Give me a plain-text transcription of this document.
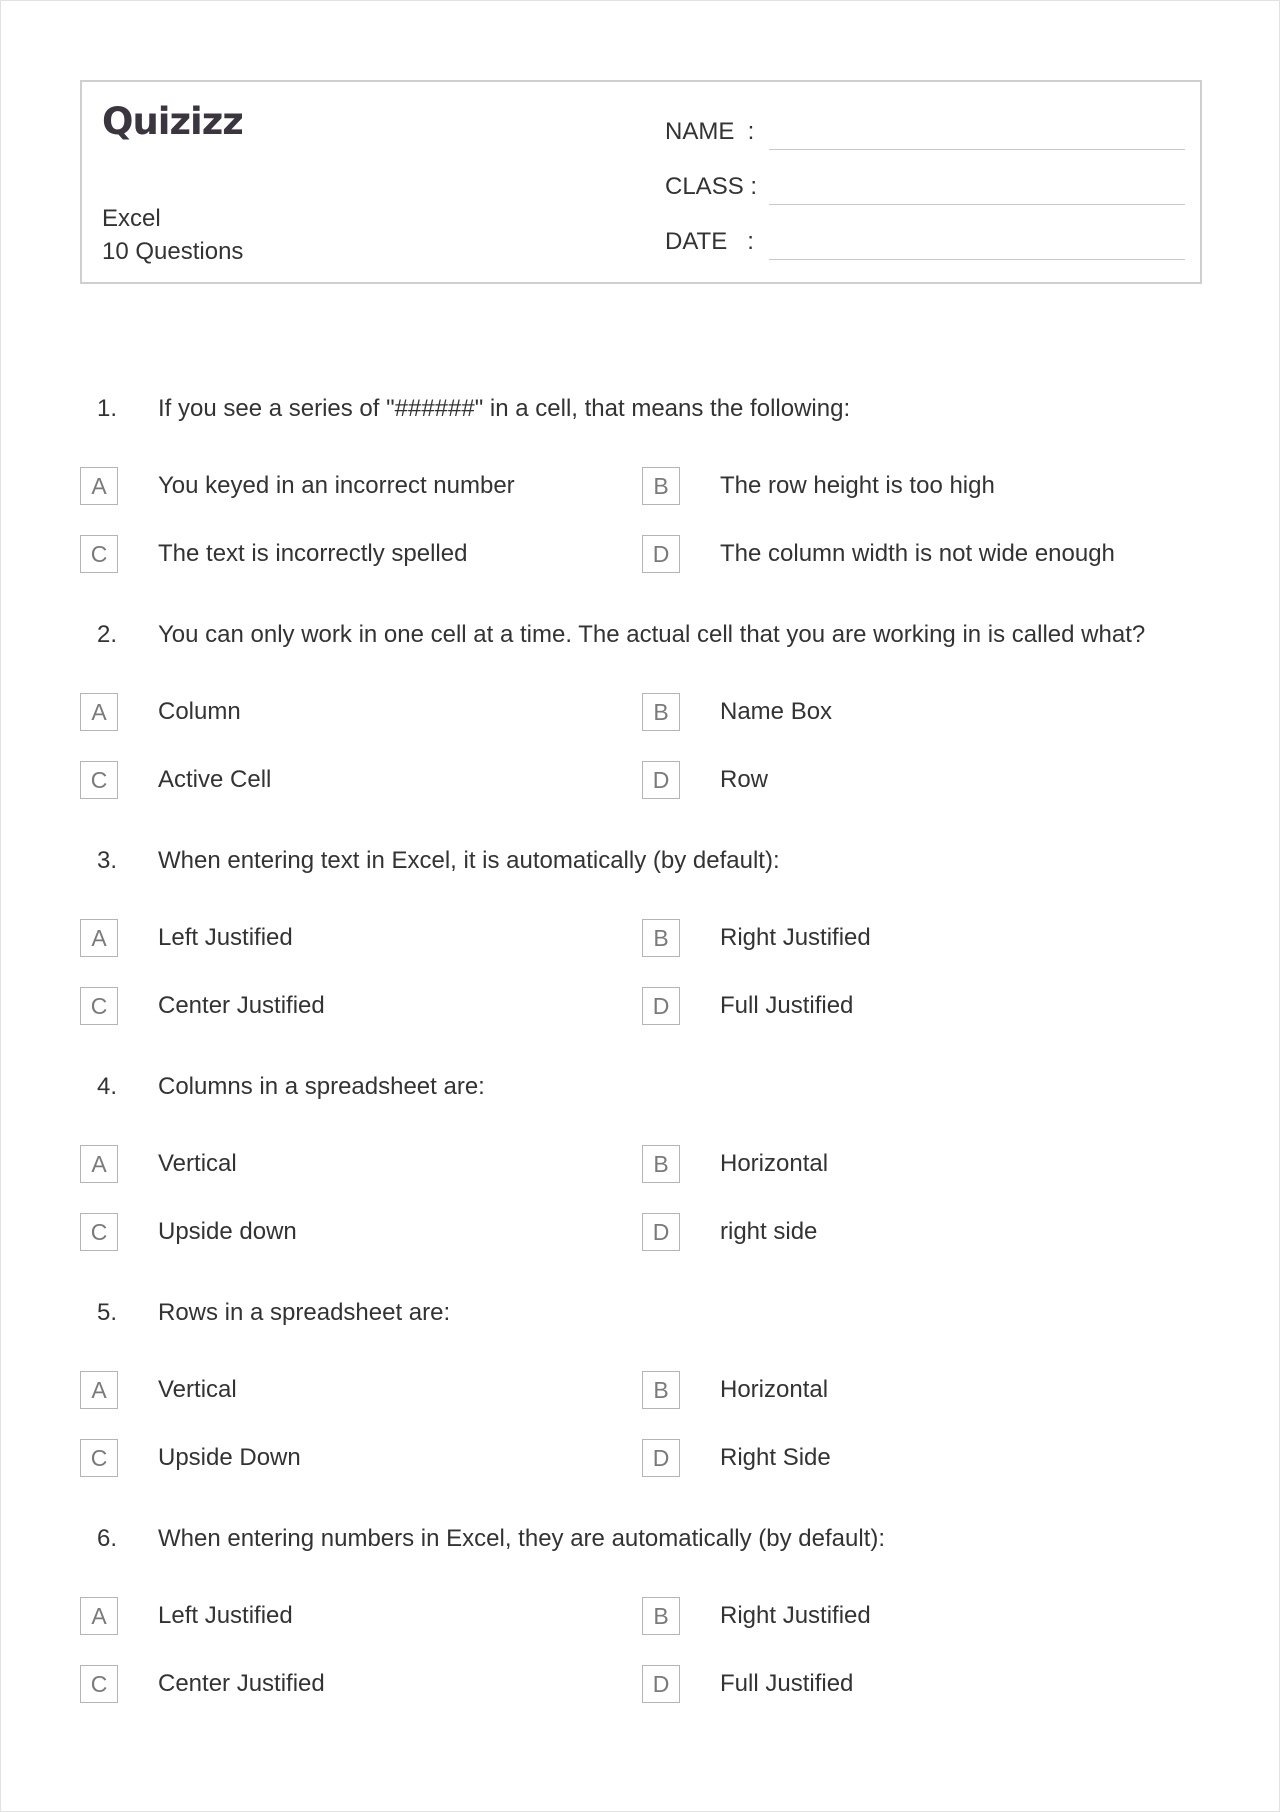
Quizizz
Excel
10 Questions
NAME  :
CLASS :
DATE   :
1. If you see a series of "######" in a cell, that means the following:
A	You keyed in an incorrect number	B	The row height is too high
C	The text is incorrectly spelled	D	The column width is not wide enough
2. You can only work in one cell at a time. The actual cell that you are working in is called what?
A	Column	B	Name Box
C	Active Cell	D	Row
3. When entering text in Excel, it is automatically (by default):
A	Left Justified	B	Right Justified
C	Center Justified	D	Full Justified
4. Columns in a spreadsheet are:
A	Vertical	B	Horizontal
C	Upside down	D	right side
5. Rows in a spreadsheet are:
A	Vertical	B	Horizontal
C	Upside Down	D	Right Side
6. When entering numbers in Excel, they are automatically (by default):
A	Left Justified	B	Right Justified
C	Center Justified	D	Full Justified
